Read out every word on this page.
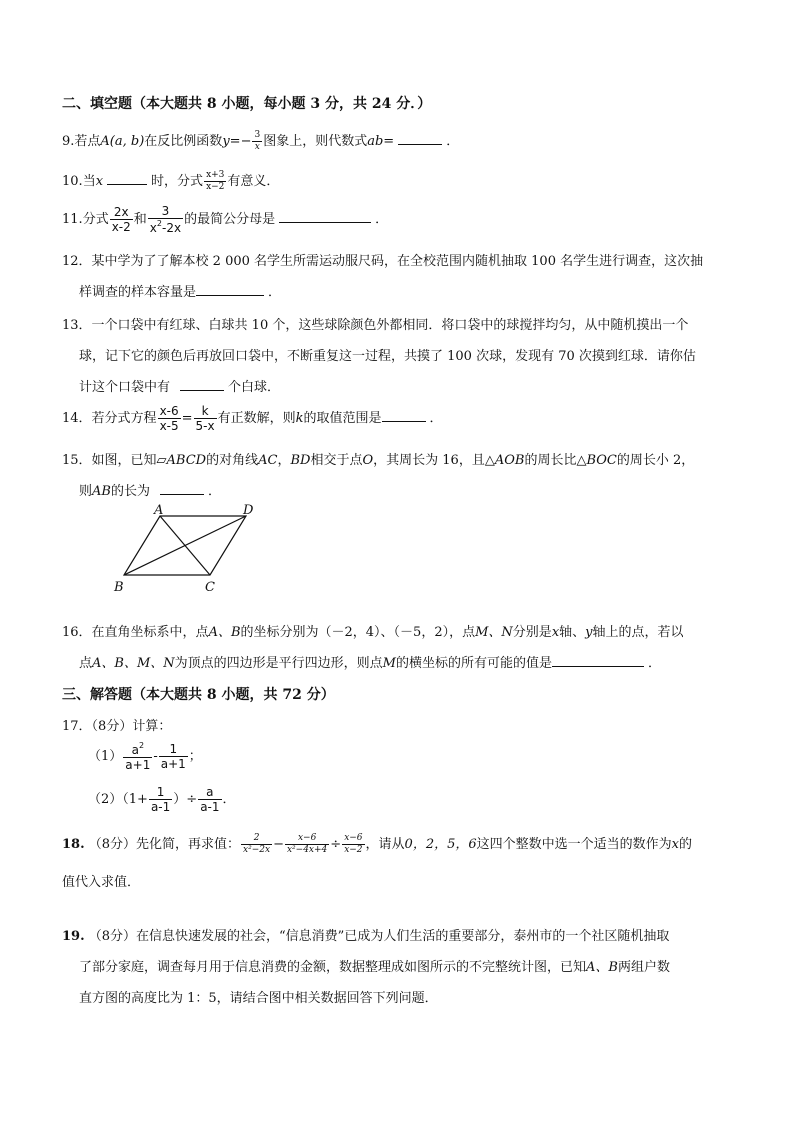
二、填空题（本大题共 8 小题，每小题 3 分，共 24 分．）
9.若点A(a, b)在反比例函数$y=- \frac{3}{x}$ 图象上，则代数式ab=	．
10.当x	时，分式 $\frac{x+3}{x-2}$ 有意义．
11.分式 $\frac{2x}{x-2}$ 和 $\frac{3}{x^2-2x}$ 的最简公分母是	．
12．某中学为了了解本校 2 000 名学生所需运动服尺码，在全校范围内随机抽取 100 名学生进行调查，这次抽
样调查的样本容量是	．
13．一个口袋中有红球、白球共 10 个，这些球除颜色外都相同．将口袋中的球搅拌均匀，从中随机摸出一个
球，记下它的颜色后再放回口袋中，不断重复这一过程，共摸了 100 次球，发现有 70 次摸到红球．请你估
计这个口袋中有	个白球．
14．若分式方程 $\frac{x-6}{x-5} = \frac{k}{5-x}$ 有正数解，则k的取值范围是	．
15．如图，已知▱ABCD的对角线AC，BD相交于点O，其周长为 16，且△AOB的周长比△BOC的周长小 2，
则AB的长为	．
A	D
B	C
16．在直角坐标系中，点A、B的坐标分别为（－2，4）、（－5，2），点M、N分别是x轴、y轴上的点，若以
点A、B、M、N为顶点的四边形是平行四边形，则点M的横坐标的所有可能的值是	．
三、解答题（本大题共 8 小题，共 72 分）
17．（8分）计算：
$(1) \frac{a^2}{a+1} - \frac{1}{a+1}$ ；
$(2)(1+ \frac{1}{a-1}$ ）÷ $\frac{a}{a-1}$ ．
18. （8分）先化简，再求值： $\frac{2}{\text{x²−2x}} - \frac{x-6}{\text{x²−4x+4}} \div \frac{x-6}{x-2}$ ，请从0，2，5，6这四个整数中选一个适当的数作为x的
值代入求值．
19. （8分）在信息快速发展的社会，“信息消费”已成为人们生活的重要部分，泰州市的一个社区随机抽取
了部分家庭，调查每月用于信息消费的金额，数据整理成如图所示的不完整统计图，已知A、B两组户数
直方图的高度比为 1：5，请结合图中相关数据回答下列问题．
